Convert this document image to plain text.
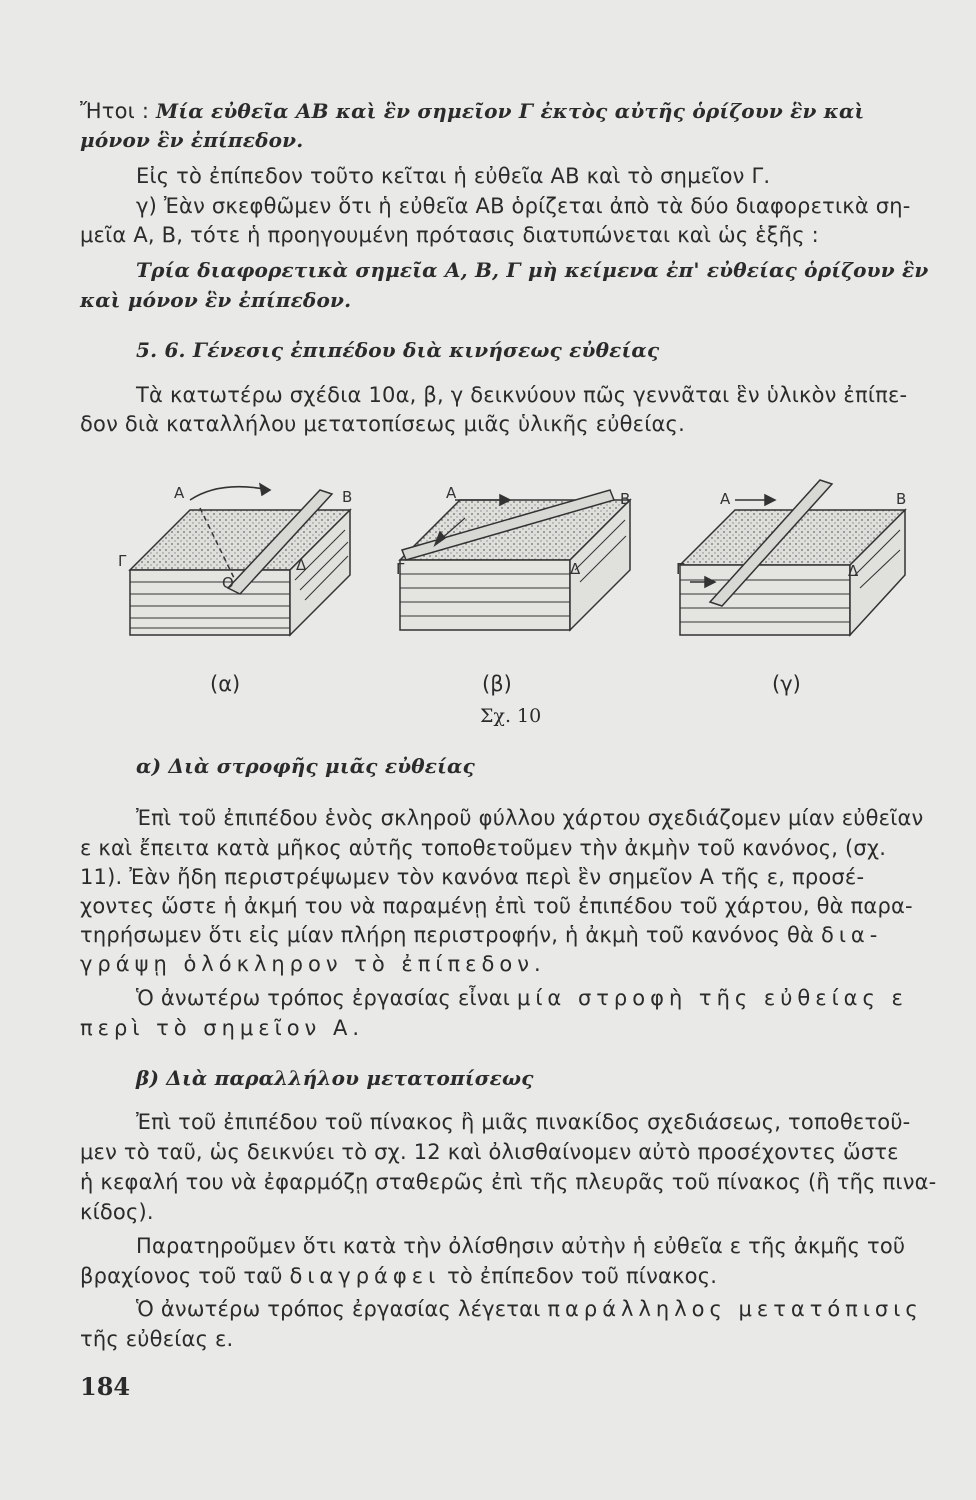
Ἤτοι : Μία εὐθεῖα ΑΒ καὶ ἓν σημεῖον Γ ἐκτὸς αὐτῆς ὁρίζουν ἓν καὶ
μόνον ἓν ἐπίπεδον.
Εἰς τὸ ἐπίπεδον τοῦτο κεῖται ἡ εὐθεῖα ΑΒ καὶ τὸ σημεῖον Γ.
γ) Ἐὰν σκεφθῶμεν ὅτι ἡ εὐθεῖα ΑΒ ὁρίζεται ἀπὸ τὰ δύο διαφορετικὰ ση-
μεῖα Α, Β, τότε ἡ προηγουμένη πρότασις διατυπώνεται καὶ ὡς ἑξῆς :
Τρία διαφορετικὰ σημεῖα Α, Β, Γ μὴ κείμενα ἐπ' εὐθείας ὁρίζουν ἓν
καὶ μόνον ἓν ἐπίπεδον.
5. 6. Γένεσις ἐπιπέδου διὰ κινήσεως εὐθείας
Τὰ κατωτέρω σχέδια 10α, β, γ δεικνύουν πῶς γεννᾶται ἓν ὑλικὸν ἐπίπε-
δον διὰ καταλλήλου μετατοπίσεως μιᾶς ὑλικῆς εὐθείας.
α) Διὰ στροφῆς μιᾶς εὐθείας
Ἐπὶ τοῦ ἐπιπέδου ἑνὸς σκληροῦ φύλλου χάρτου σχεδιάζομεν μίαν εὐθεῖαν
ε καὶ ἔπειτα κατὰ μῆκος αὐτῆς τοποθετοῦμεν τὴν ἀκμὴν τοῦ κανόνος, (σχ.
11). Ἐὰν ἤδη περιστρέψωμεν τὸν κανόνα περὶ ἓν σημεῖον Α τῆς ε, προσέ-
χοντες ὥστε ἡ ἀκμή του νὰ παραμένῃ ἐπὶ τοῦ ἐπιπέδου τοῦ χάρτου, θὰ παρα-
τηρήσωμεν ὅτι εἰς μίαν πλήρη περιστροφήν, ἡ ἀκμὴ τοῦ κανόνος θὰ δια-
γράψῃ ὁλόκληρον τὸ ἐπίπεδον.
Ὁ ἀνωτέρω τρόπος ἐργασίας εἶναι μία στροφὴ τῆς εὐθείας ε
περὶ τὸ σημεῖον Α.
β) Διὰ παραλλήλου μετατοπίσεως
Ἐπὶ τοῦ ἐπιπέδου τοῦ πίνακος ἢ μιᾶς πινακίδος σχεδιάσεως, τοποθετοῦ-
μεν τὸ ταῦ, ὡς δεικνύει τὸ σχ. 12 καὶ ὀλισθαίνομεν αὐτὸ προσέχοντες ὥστε
ἡ κεφαλή του νὰ ἐφαρμόζῃ σταθερῶς ἐπὶ τῆς πλευρᾶς τοῦ πίνακος (ἢ τῆς πινα-
κίδος).
Παρατηροῦμεν ὅτι κατὰ τὴν ὀλίσθησιν αὐτὴν ἡ εὐθεῖα ε τῆς ἀκμῆς τοῦ
βραχίονος τοῦ ταῦ διαγράφει τὸ ἐπίπεδον τοῦ πίνακος.
Ὁ ἀνωτέρω τρόπος ἐργασίας λέγεται παράλληλος μετατόπισις
τῆς εὐθείας ε.
A	B
Γ	Δ
O
A	B
Γ	Δ
A	B
Γ	Δ
(α)	(β)	(γ)
Σχ. 10
184
